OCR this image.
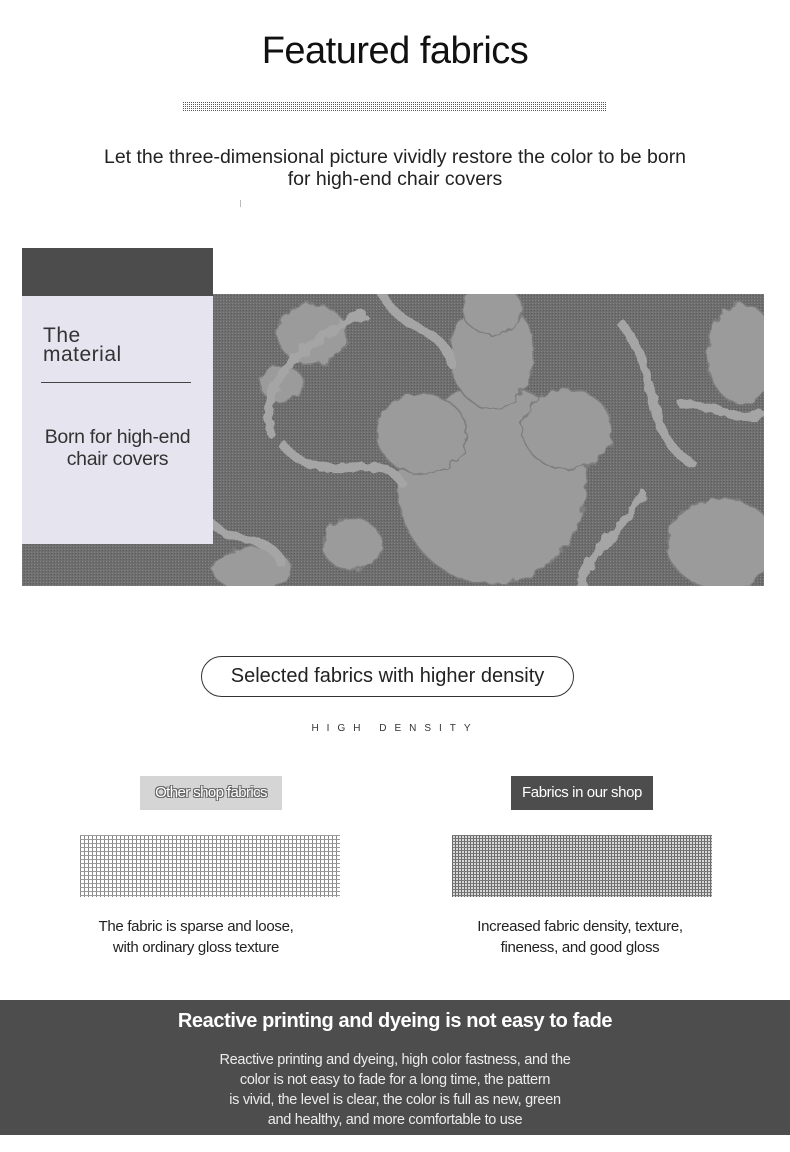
Featured fabrics
Let the three-dimensional picture vividly restore the color to be born
for high-end chair covers
The
material
Born for high-end
chair covers
Selected fabrics with higher density
HIGH DENSITY
Other shop fabrics	Fabrics in our shop
The fabric is sparse and loose,
with ordinary gloss texture
Increased fabric density, texture,
fineness, and good gloss
Reactive printing and dyeing is not easy to fade
Reactive printing and dyeing, high color fastness, and the
color is not easy to fade for a long time, the pattern
is vivid, the level is clear, the color is full as new, green
and healthy, and more comfortable to use
